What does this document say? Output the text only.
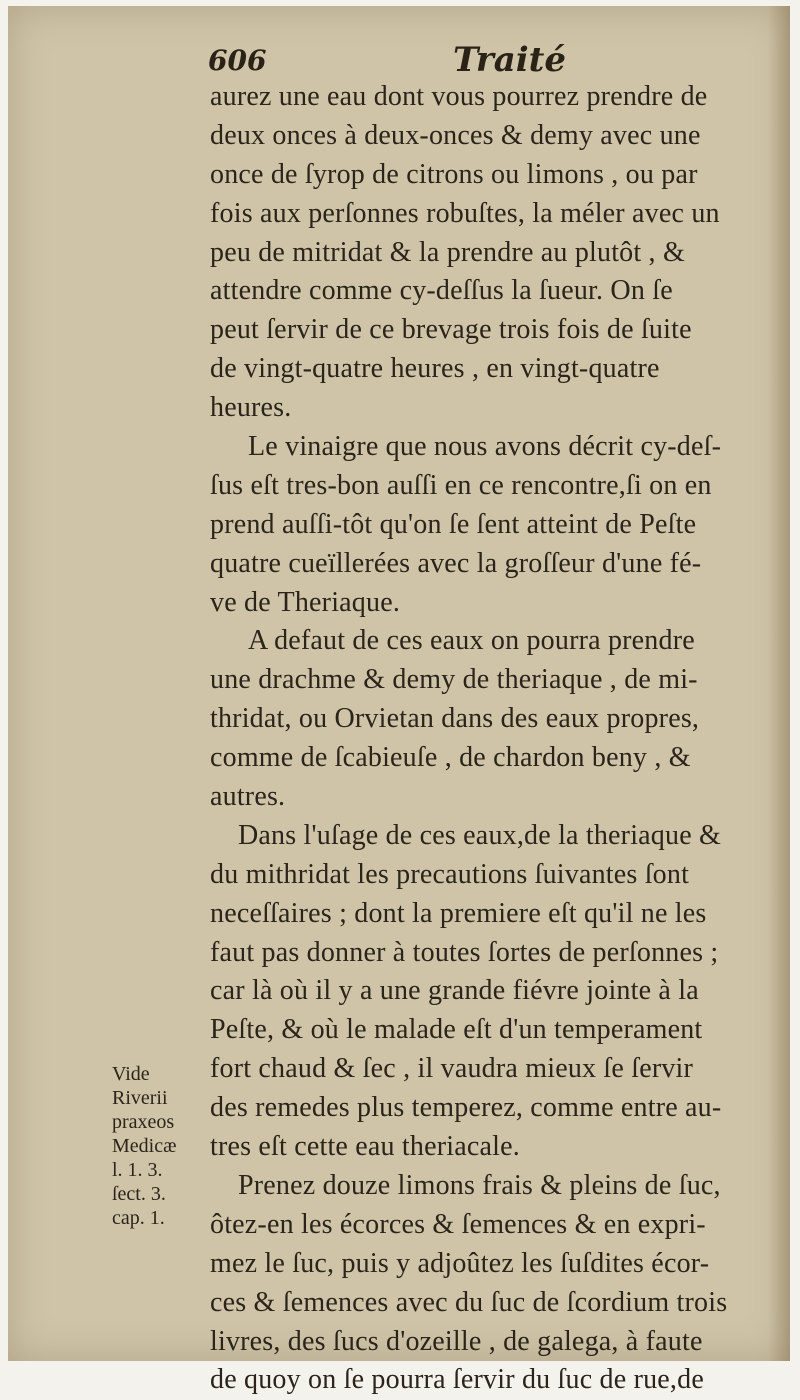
606	Traité
aurez une eau dont vous pourrez prendre de
deux onces à deux-onces & demy avec une
once de ſyrop de citrons ou limons , ou par
fois aux perſonnes robuſtes, la méler avec un
peu de mitridat & la prendre au plutôt , &
attendre comme cy-deſſus la ſueur. On ſe
peut ſervir de ce brevage trois fois de ſuite
de vingt-quatre heures , en vingt-quatre
heures.
Le vinaigre que nous avons décrit cy-deſ-
ſus eſt tres-bon auſſi en ce rencontre,ſi on en
prend auſſi-tôt qu'on ſe ſent atteint de Peſte
quatre cueïllerées avec la groſſeur d'une fé-
ve de Theriaque.
A defaut de ces eaux on pourra prendre
une drachme & demy de theriaque , de mi-
thridat, ou Orvietan dans des eaux propres,
comme de ſcabieuſe , de chardon beny , &
autres.
Dans l'uſage de ces eaux,de la theriaque &
du mithridat les precautions ſuivantes ſont
neceſſaires ; dont la premiere eſt qu'il ne les
faut pas donner à toutes ſortes de perſonnes ;
car là où il y a une grande fiévre jointe à la
Peſte, & où le malade eſt d'un temperament
fort chaud & ſec , il vaudra mieux ſe ſervir
des remedes plus temperez, comme entre au-
tres eſt cette eau theriacale.
Prenez douze limons frais & pleins de ſuc,
ôtez-en les écorces & ſemences & en expri-
mez le ſuc, puis y adjoûtez les ſuſdites écor-
ces & ſemences avec du ſuc de ſcordium trois
livres, des ſucs d'ozeille , de galega, à faute
de quoy on ſe pourra ſervir du ſuc de rue,de
Vide
Riverii
praxeos
Medicæ
l. 1. 3.
ſect. 3.
cap. 1.
